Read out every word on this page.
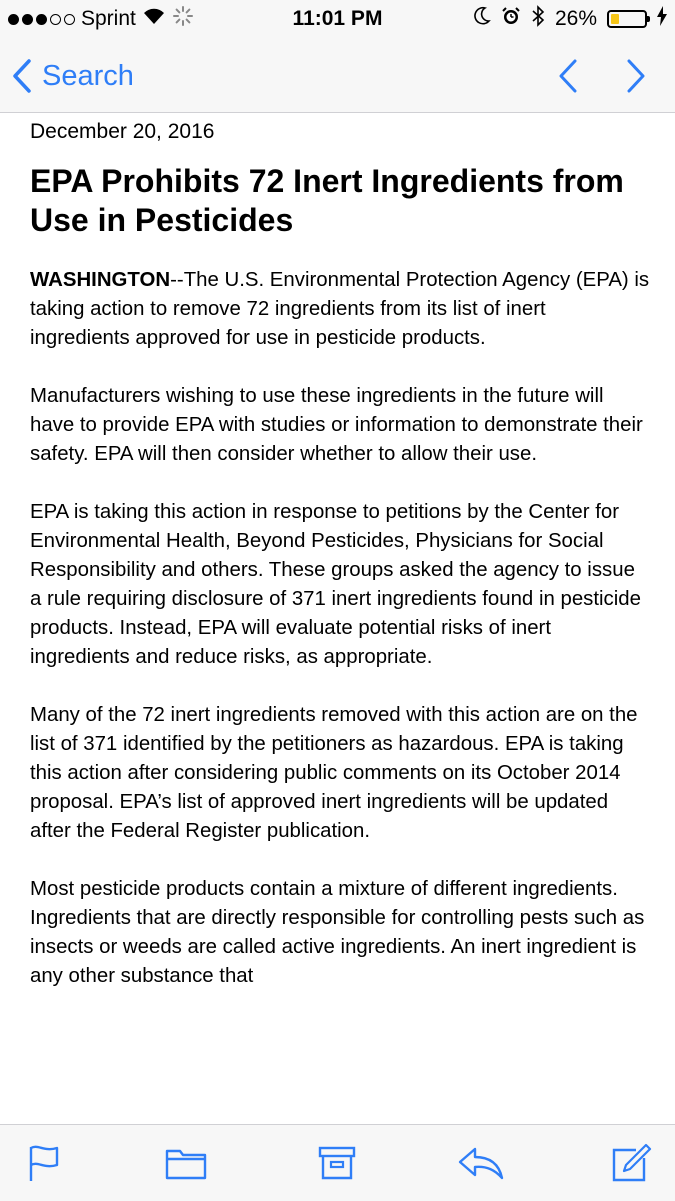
Sprint	11:01 PM	26%
Search
December 20, 2016
EPA Prohibits 72 Inert Ingredients from Use in Pesticides

WASHINGTON--The U.S. Environmental Protection Agency (EPA) is taking action to remove 72 ingredients from its list of inert ingredients approved for use in pesticide products.

Manufacturers wishing to use these ingredients in the future will have to provide EPA with studies or information to demonstrate their safety. EPA will then consider whether to allow their use.

EPA is taking this action in response to petitions by the Center for Environmental Health, Beyond Pesticides, Physicians for Social Responsibility and others. These groups asked the agency to issue a rule requiring disclosure of 371 inert ingredients found in pesticide products. Instead, EPA will evaluate potential risks of inert ingredients and reduce risks, as appropriate.

Many of the 72 inert ingredients removed with this action are on the list of 371 identified by the petitioners as hazardous. EPA is taking this action after considering public comments on its October 2014 proposal. EPA’s list of approved inert ingredients will be updated after the Federal Register publication.

Most pesticide products contain a mixture of different ingredients. Ingredients that are directly responsible for controlling pests such as insects or weeds are called active ingredients. An inert ingredient is any other substance that
